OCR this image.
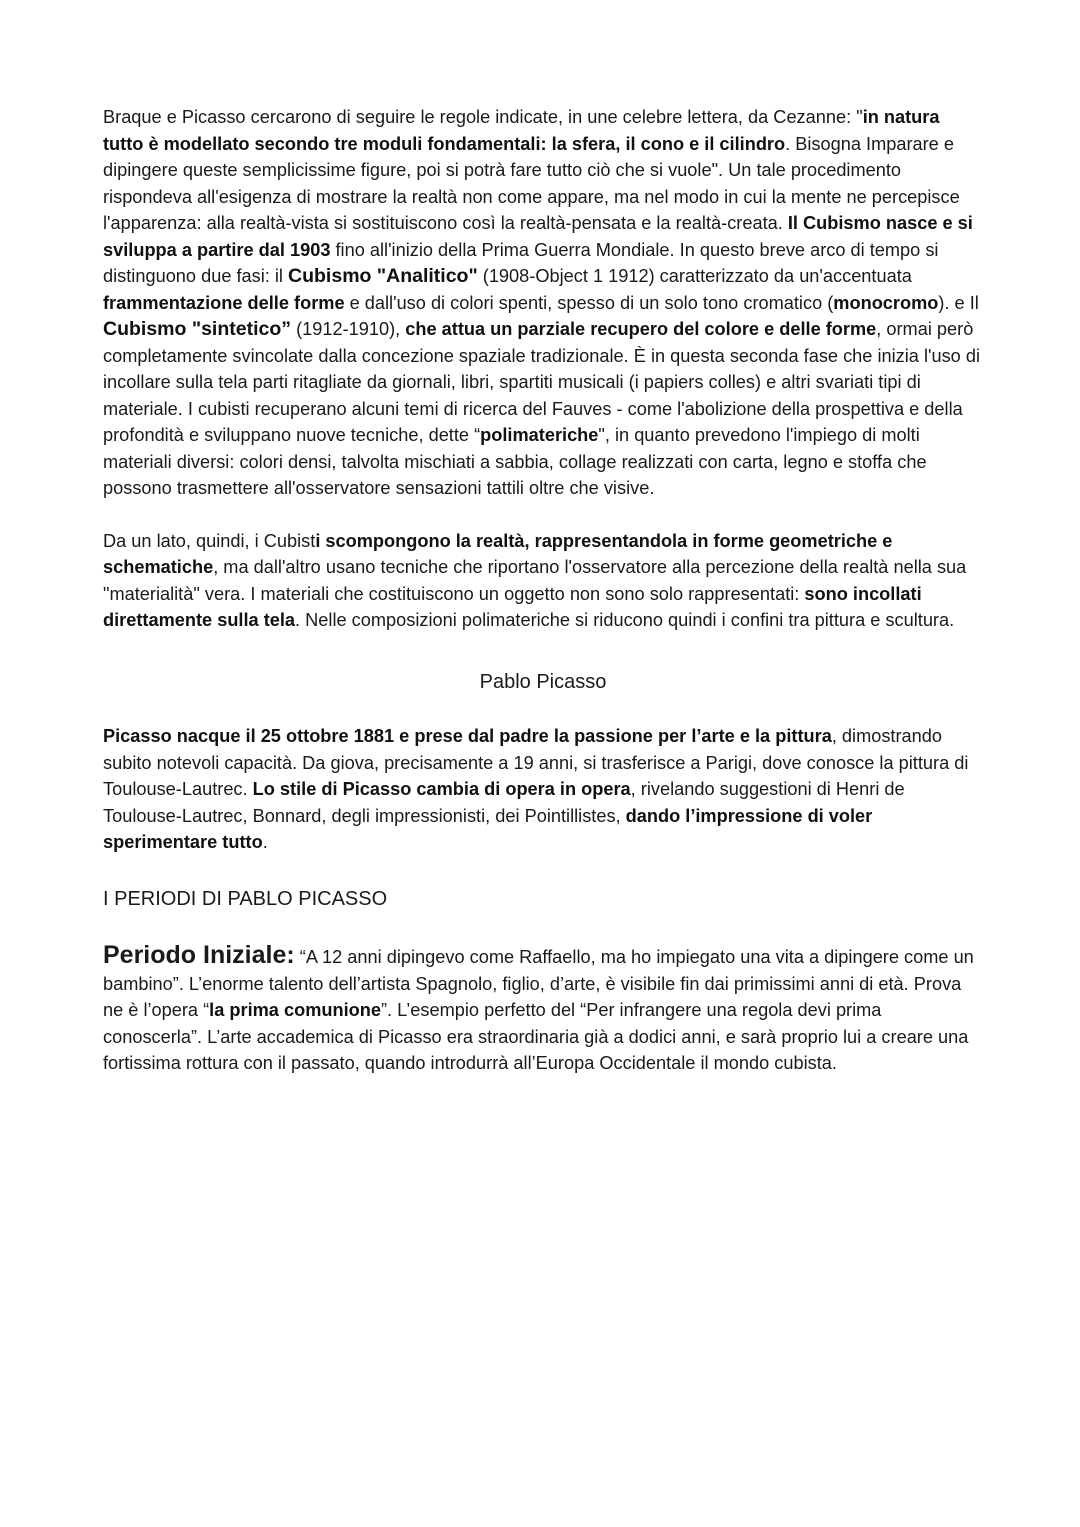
Braque e Picasso cercarono di seguire le regole indicate, in une celebre lettera, da Cezanne: "in natura tutto è modellato secondo tre moduli fondamentali: la sfera, il cono e il cilindro. Bisogna Imparare e dipingere queste semplicissime figure, poi si potrà fare tutto ciò che si vuole". Un tale procedimento rispondeva all'esigenza di mostrare la realtà non come appare, ma nel modo in cui la mente ne percepisce l'apparenza: alla realtà-vista si sostituiscono così la realtà-pensata e la realtà-creata. Il Cubismo nasce e si sviluppa a partire dal 1903 fino all'inizio della Prima Guerra Mondiale. In questo breve arco di tempo si distinguono due fasi: il Cubismo "Analitico" (1908-Object 1 1912) caratterizzato da un'accentuata frammentazione delle forme e dall'uso di colori spenti, spesso di un solo tono cromatico (monocromo). e Il Cubismo "sintetico” (1912-1910), che attua un parziale recupero del colore e delle forme, ormai però completamente svincolate dalla concezione spaziale tradizionale. È in questa seconda fase che inizia l'uso di incollare sulla tela parti ritagliate da giornali, libri, spartiti musicali (i papiers colles) e altri svariati tipi di materiale. I cubisti recuperano alcuni temi di ricerca del Fauves - come l'abolizione della prospettiva e della profondità e sviluppano nuove tecniche, dette “polimateriche", in quanto prevedono l'impiego di molti materiali diversi: colori densi, talvolta mischiati a sabbia, collage realizzati con carta, legno e stoffa che possono trasmettere all'osservatore sensazioni tattili oltre che visive.

Da un lato, quindi, i Cubisti scompongono la realtà, rappresentandola in forme geometriche e schematiche, ma dall'altro usano tecniche che riportano l'osservatore alla percezione della realtà nella sua "materialità" vera. I materiali che costituiscono un oggetto non sono solo rappresentati: sono incollati direttamente sulla tela. Nelle composizioni polimateriche si riducono quindi i confini tra pittura e scultura.

Pablo Picasso

Picasso nacque il 25 ottobre 1881 e prese dal padre la passione per l’arte e la pittura, dimostrando subito notevoli capacità. Da giova, precisamente a 19 anni, si trasferisce a Parigi, dove conosce la pittura di Toulouse-Lautrec. Lo stile di Picasso cambia di opera in opera, rivelando suggestioni di Henri de Toulouse-Lautrec, Bonnard, degli impressionisti, dei Pointillistes, dando l’impressione di voler sperimentare tutto.

I PERIODI DI PABLO PICASSO

Periodo Iniziale: “A 12 anni dipingevo come Raffaello, ma ho impiegato una vita a dipingere come un bambino”. L’enorme talento dell’artista Spagnolo, figlio, d’arte, è visibile fin dai primissimi anni di età. Prova ne è l’opera “la prima comunione”. L’esempio perfetto del “Per infrangere una regola devi prima conoscerla”. L’arte accademica di Picasso era straordinaria già a dodici anni, e sarà proprio lui a creare una fortissima rottura con il passato, quando introdurrà all’Europa Occidentale il mondo cubista.
